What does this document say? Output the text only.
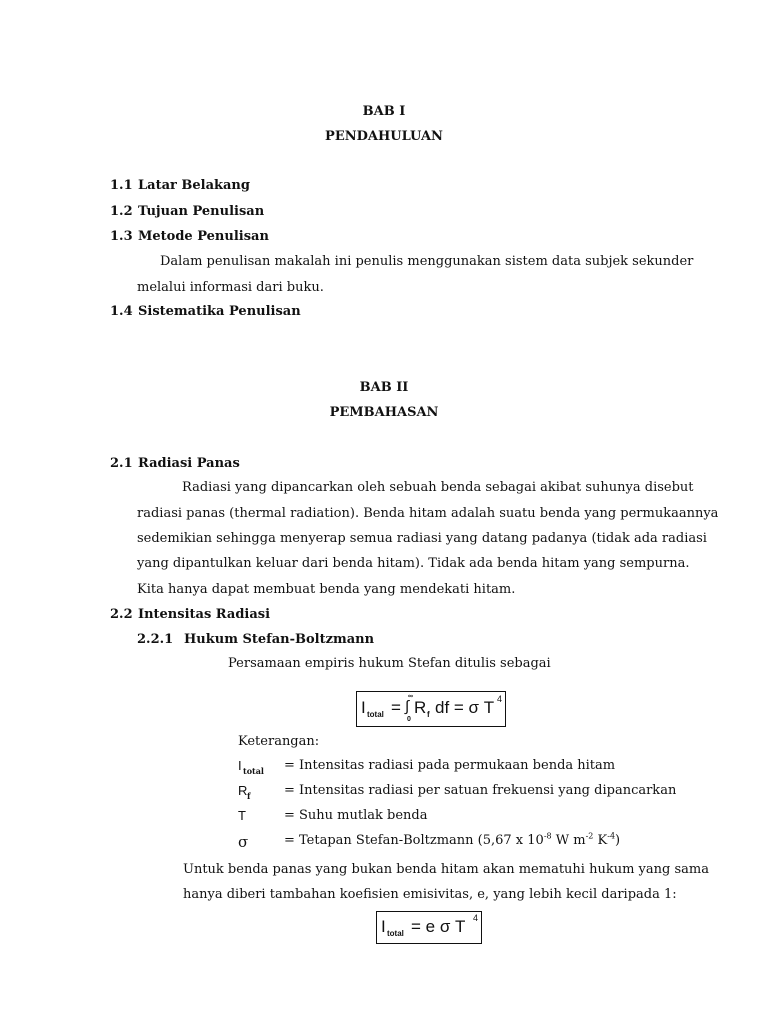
BAB I
PENDAHULUAN
1.1 Latar Belakang
1.2 Tujuan Penulisan
1.3 Metode Penulisan
Dalam penulisan makalah ini penulis menggunakan sistem data subjek sekunder
melalui informasi dari buku.
1.4 Sistematika Penulisan
BAB II
PEMBAHASAN
2.1 Radiasi Panas
Radiasi yang dipancarkan oleh sebuah benda sebagai akibat suhunya disebut
radiasi panas (thermal radiation). Benda hitam adalah suatu benda yang permukaannya
sedemikian sehingga menyerap semua radiasi yang datang padanya (tidak ada radiasi
yang dipantulkan keluar dari benda hitam). Tidak ada benda hitam yang sempurna.
Kita hanya dapat membuat benda yang mendekati hitam.
2.2 Intensitas Radiasi
2.2.1 Hukum Stefan-Boltzmann
Persamaan empiris hukum Stefan ditulis sebagai
I total = ∫
∞
0
R f df = σ T 4
Keterangan:
I total = Intensitas radiasi pada permukaan benda hitam
R f	= Intensitas radiasi per satuan frekuensi yang dipancarkan
T	= Suhu mutlak benda
σ	= Tetapan Stefan-Boltzmann (5,67 x $10^{-8}$ W $m^{-2}$ $K^{-4}$)
Untuk benda panas yang bukan benda hitam akan mematuhi hukum yang sama
hanya diberi tambahan koefisien emisivitas, e, yang lebih kecil daripada 1:
I total = e σ T 4
